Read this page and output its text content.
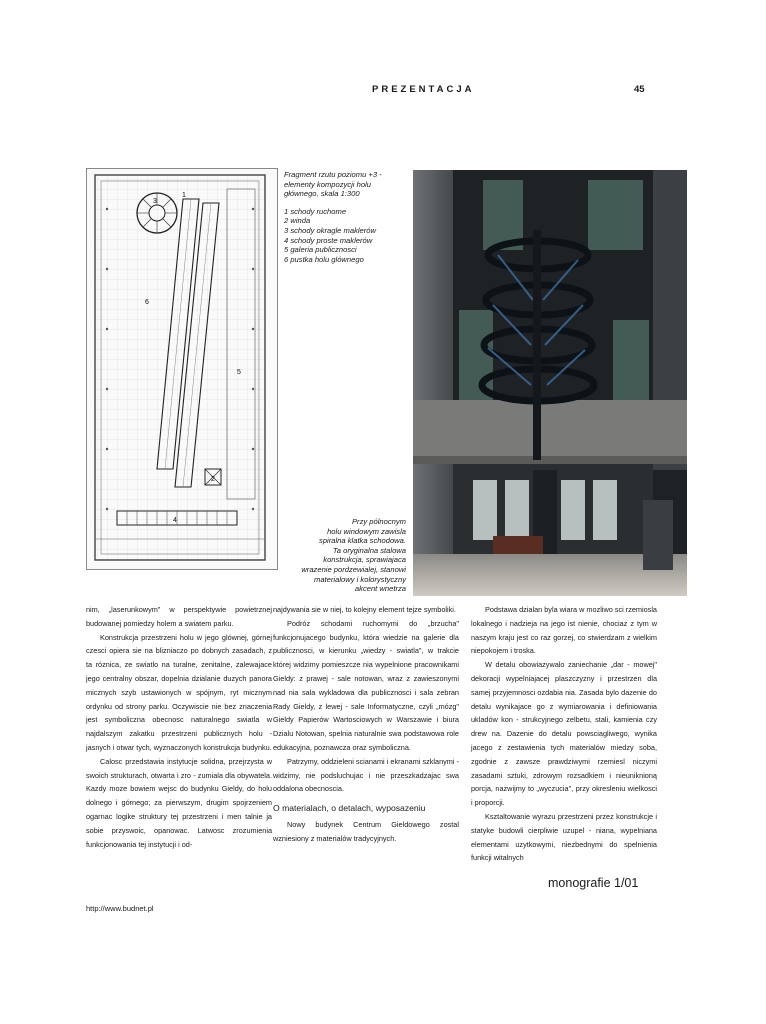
PREZENTACJA	45
3
1
2
4
5
6
Fragment rzutu poziomu +3 -
elementy kompozycji holu
głównego, skala 1:300
1 schody ruchome
2 winda
3 schody okragle maklerów
4 schody proste maklerów
5 galeria publicznosci
6 pustka holu glównego
Przy pólnocnym
holu windowym zawisla
spiralna klatka schodowa.
Ta oryginalna stalowa
konstrukcja, sprawiajaca
wrazenie pordzewialej, stanowi
materialowy i kolorystyczny
akcent wnetrza

nim, „laserunkowym" w perspektywie powietrznej budowanej pomiedzy holem a swiatem parku.

Konstrukcja przestrzeni holu w jego glównej, górnej czesci opiera sie na blizniaczo po dobnych zasadach, z ta róznica, ze swiatlo na turalne, zenitalne, zalewajace jego centralny obszar, dopelnia dzialanie duzych panora micznych szyb ustawionych w spójnym, ryt micznym ordynku od strony parku. Oczywiscie nie bez znaczenia jest symboliczna obecnosc naturalnego swiatla w najdalszym zakatku przestrzeni publicznych holu -jasnych i otwar tych, wyznaczonych konstrukcja budynku.

Calosc przedstawia instytucje solidna, przejrzysta w swoich strukturach, otwarta i zro - zumiala dla obywatela. Kazdy moze bowiem wejsc do budynku Gieldy, do holu dolnego i górnego; za pierwszym, drugim spojrzeniem ogarnac logike struktury tej przestrzeni i men talnie ja sobie przyswoic, opanowac. Latwosc zrozumienia funkcjonowania tej instytucji i od-

najdywania sie w niej, to kolejny element tejze symboliki.

Podróz schodami ruchomymi do „brzucha" funkcjonujacego budynku, która wiedzie na galerie dla publicznosci, w kierunku „wiedzy - swiatla", w trakcie której widzimy pomieszcze nia wypelnione pracownikami Gieldy: z prawej - sale notowan, wraz z zawieszonymi nad nia sala wykladowa dla publicznosci i sala zebran Rady Gieldy, z lewej - sale Informatyczne, czyli „mózg" Gieldy Papierów Wartosciowych w Warszawie i biura Dzialu Notowan, spelnia naturalnie swa podstawowa role edukacyjna, poznawcza oraz symboliczna.

Patrzymy, oddzieleni scianami i ekranami szklanymi - widzimy, nie podsluchujac i nie przeszkadzajac swa oddalona obecnoscia.

O materialach, o detalach, wyposazeniu

Nowy budynek Centrum Gieldowego zostal wzniesiony z materialów tradycyjnych.

Podstawa dzialan byla wiara w mozliwo sci rzemiosla lokalnego i nadzieja na jego ist nienie, chociaz z tym w naszym kraju jest co raz gorzej, co stwierdzam z wielkim niepokojem i troska.

W detalu obowiazywalo zaniechanie „dar - mowej" dekoracji wypelniajacej plaszczyzny i przestrzen dla samej przyjemnosci ozdabia nia. Zasada bylo dazenie do detalu wynikajace go z wymiarowania i definiowania ukladów kon - strukcyjnego zelbetu, stali, kamienia czy drew na. Dazenie do detalu powsciagliwego, wynika jacego z zestawienia tych materialów miedzy soba, zgodnie z zawsze prawdziwymi rzemiesl niczymi zasadami sztuki, zdrowym rozsadkiem i nieuniknioną porcja, nazwijmy to „wyczucia", przy okresleniu wielkosci i proporcji.

Ksztaltowanie wyrazu przestrzeni przez konstrukcje i statyke budowli cierpliwie uzupel - niana, wypelniana elementami uzytkowymi, niezbednymi do spelnienia funkcji witalnych

monografie 1/01
http://www.budnet.pl
